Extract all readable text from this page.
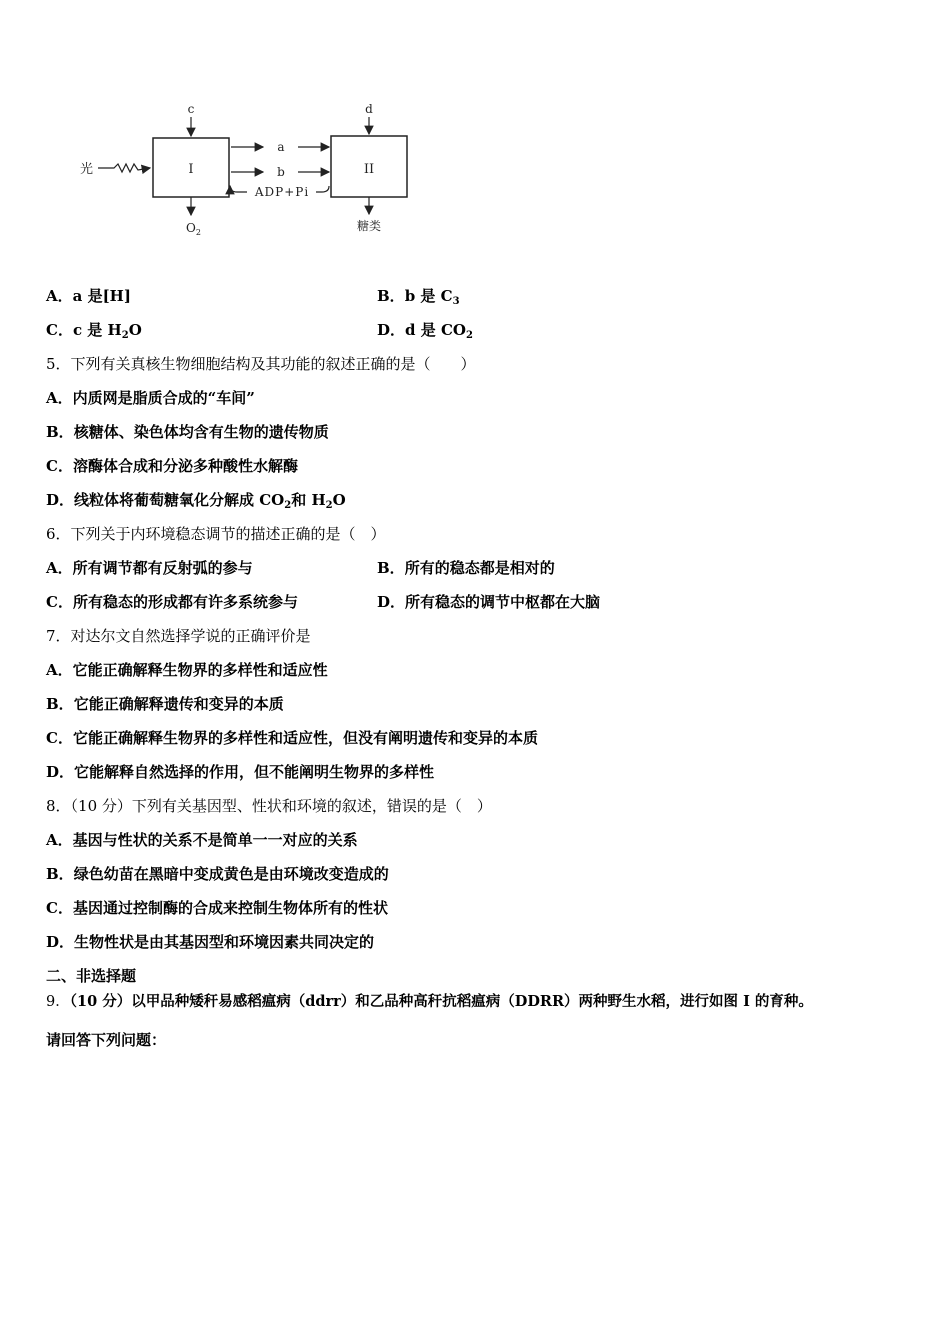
光	I	II
c	d
a
b
ADP+Pi
$O_2$	糖类
A．a 是[H]	B．b 是 $C_3$
C．c 是 $H_2O$	D．d 是 $CO_2$
5．下列有关真核生物细胞结构及其功能的叙述正确的是（　　）
A．内质网是脂质合成的“车间”
B．核糖体、染色体均含有生物的遗传物质
C．溶酶体合成和分泌多种酸性水解酶
D．线粒体将葡萄糖氧化分解成 $CO_2$和 $H_2O$
6．下列关于内环境稳态调节的描述正确的是（　）
A．所有调节都有反射弧的参与	B．所有的稳态都是相对的
C．所有稳态的形成都有许多系统参与	D．所有稳态的调节中枢都在大脑
7．对达尔文自然选择学说的正确评价是
A．它能正确解释生物界的多样性和适应性
B．它能正确解释遗传和变异的本质
C．它能正确解释生物界的多样性和适应性，但没有阐明遗传和变异的本质
D．它能解释自然选择的作用，但不能阐明生物界的多样性
8．（10 分）下列有关基因型、性状和环境的叙述，错误的是（　）
A．基因与性状的关系不是简单一一对应的关系
B．绿色幼苗在黑暗中变成黄色是由环境改变造成的
C．基因通过控制酶的合成来控制生物体所有的性状
D．生物性状是由其基因型和环境因素共同决定的
二、非选择题
9．（10 分）以甲品种矮秆易感稻瘟病（ddrr）和乙品种高秆抗稻瘟病（DDRR）两种野生水稻，进行如图 I 的育种。
请回答下列问题：
